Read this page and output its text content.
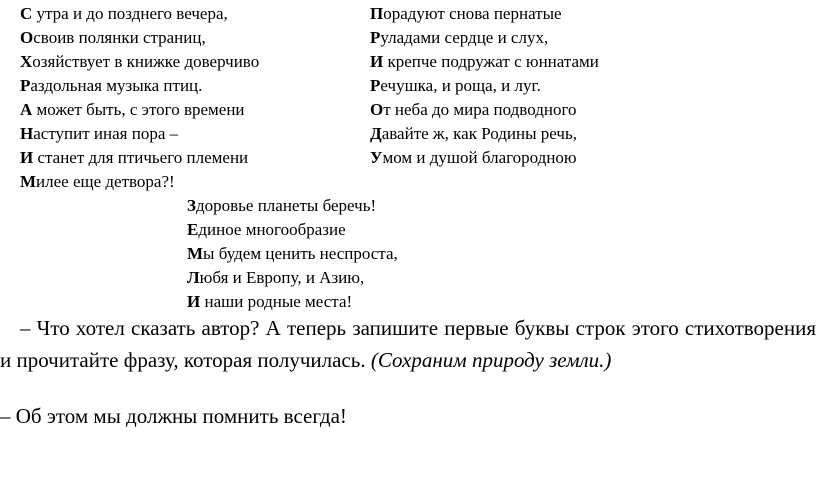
С утра и до позднего вечера,
Освоив полянки страниц,
Хозяйствует в книжке доверчиво
Раздольная музыка птиц.
А может быть, с этого времени
Наступит иная пора –
И станет для птичьего племени
Милее еще детвора?!
Порадуют снова пернатые
Руладами сердце и слух,
И крепче подружат с юннатами
Речушка, и роща, и луг.
От неба до мира подводного
Давайте ж, как Родины речь,
Умом и душой благородною
Здоровье планеты беречь!
Единое многообразие
Мы будем ценить неспроста,
Любя и Европу, и Азию,
И наши родные места!
– Что хотел сказать автор? А теперь запишите первые буквы строк этого стихотворения и прочитайте фразу, которая получилась. (Сохраним природу земли.)
– Об этом мы должны помнить всегда!
